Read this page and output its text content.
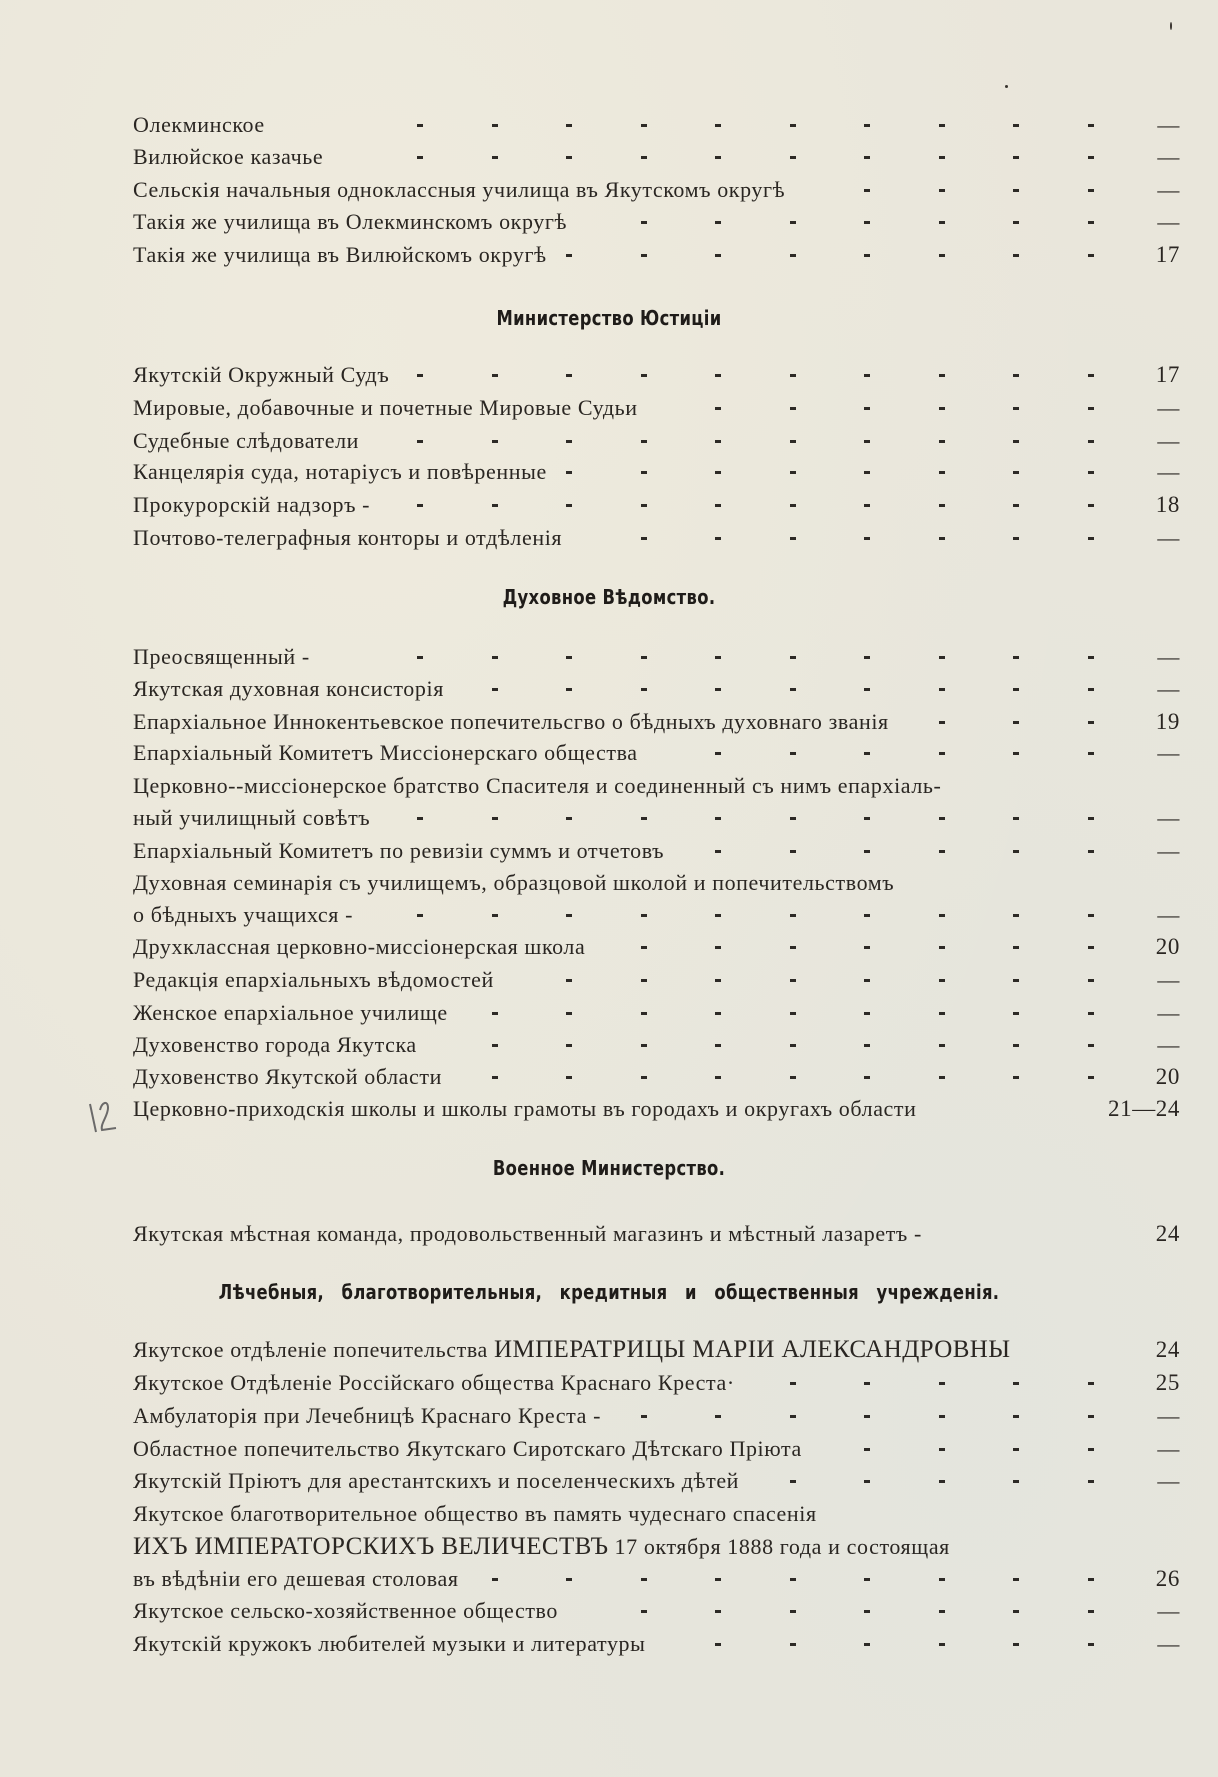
Олекминское	—
Вилюйское казачье	—
Сельскія начальныя одноклассныя училища въ Якутскомъ округѣ	—
Такія же училища въ Олекминскомъ округѣ	—
Такія же училища въ Вилюйскомъ округѣ	17
Министерство Юстиціи
Якутскій Окружный Судъ	17
Мировые, добавочные и почетные Мировые Судьи	—
Судебные слѣдователи	—
Канцелярія суда, нотаріусъ и повѣренные	—
Прокурорскій надзоръ -	18
Почтово-телеграфныя конторы и отдѣленія	—
Духовное Вѣдомство.
Преосвященный -	—
Якутская духовная консисторія	—
Епархіальное Иннокентьевское попечительсгво о бѣдныхъ духовнаго званія	19
Епархіальный Комитетъ Миссіонерскаго общества	—
Церковно--миссіонерское братство Спасителя и соединенный съ нимъ епархіаль-
ный училищный совѣтъ	—
Епархіальный Комитетъ по ревизіи суммъ и отчетовъ	—
Духовная семинарія съ училищемъ, образцовой школой и попечительствомъ
о бѣдныхъ учащихся -	—
Друхклассная церковно-миссіонерская школа	20
Редакція епархіальныхъ вѣдомостей	—
Женское епархіальное училище	—
Духовенство города Якутска	—
Духовенство Якутской области	20
Церковно-приходскія школы и школы грамоты въ городахъ и округахъ области	21—24
Военное Министерство.
Якутская мѣстная команда, продовольственный магазинъ и мѣстный лазаретъ -	24
Лѣчебныя, благотворительныя, кредитныя и общественныя учрежденія.
Якутское отдѣленіе попечительства ИМПЕРАТРИЦЫ МАРІИ АЛЕКСАНДРОВНЫ	24
Якутское Отдѣленіе Россійскаго общества Краснаго Креста·	25
Амбулаторія при Лечебницѣ Краснаго Креста -	—
Областное попечительство Якутскаго Сиротскаго Дѣтскаго Пріюта	—
Якутскій Пріютъ для арестантскихъ и поселенческихъ дѣтей	—
Якутское благотворительное общество въ память чудеснаго спасенія
ИХЪ ИМПЕРАТОРСКИХЪ ВЕЛИЧЕСТВЪ 17 октября 1888 года и состоящая
въ вѣдѣніи его дешевая столовая	26
Якутское сельско-хозяйственное общество	—
Якутскій кружокъ любителей музыки и литературы	—
